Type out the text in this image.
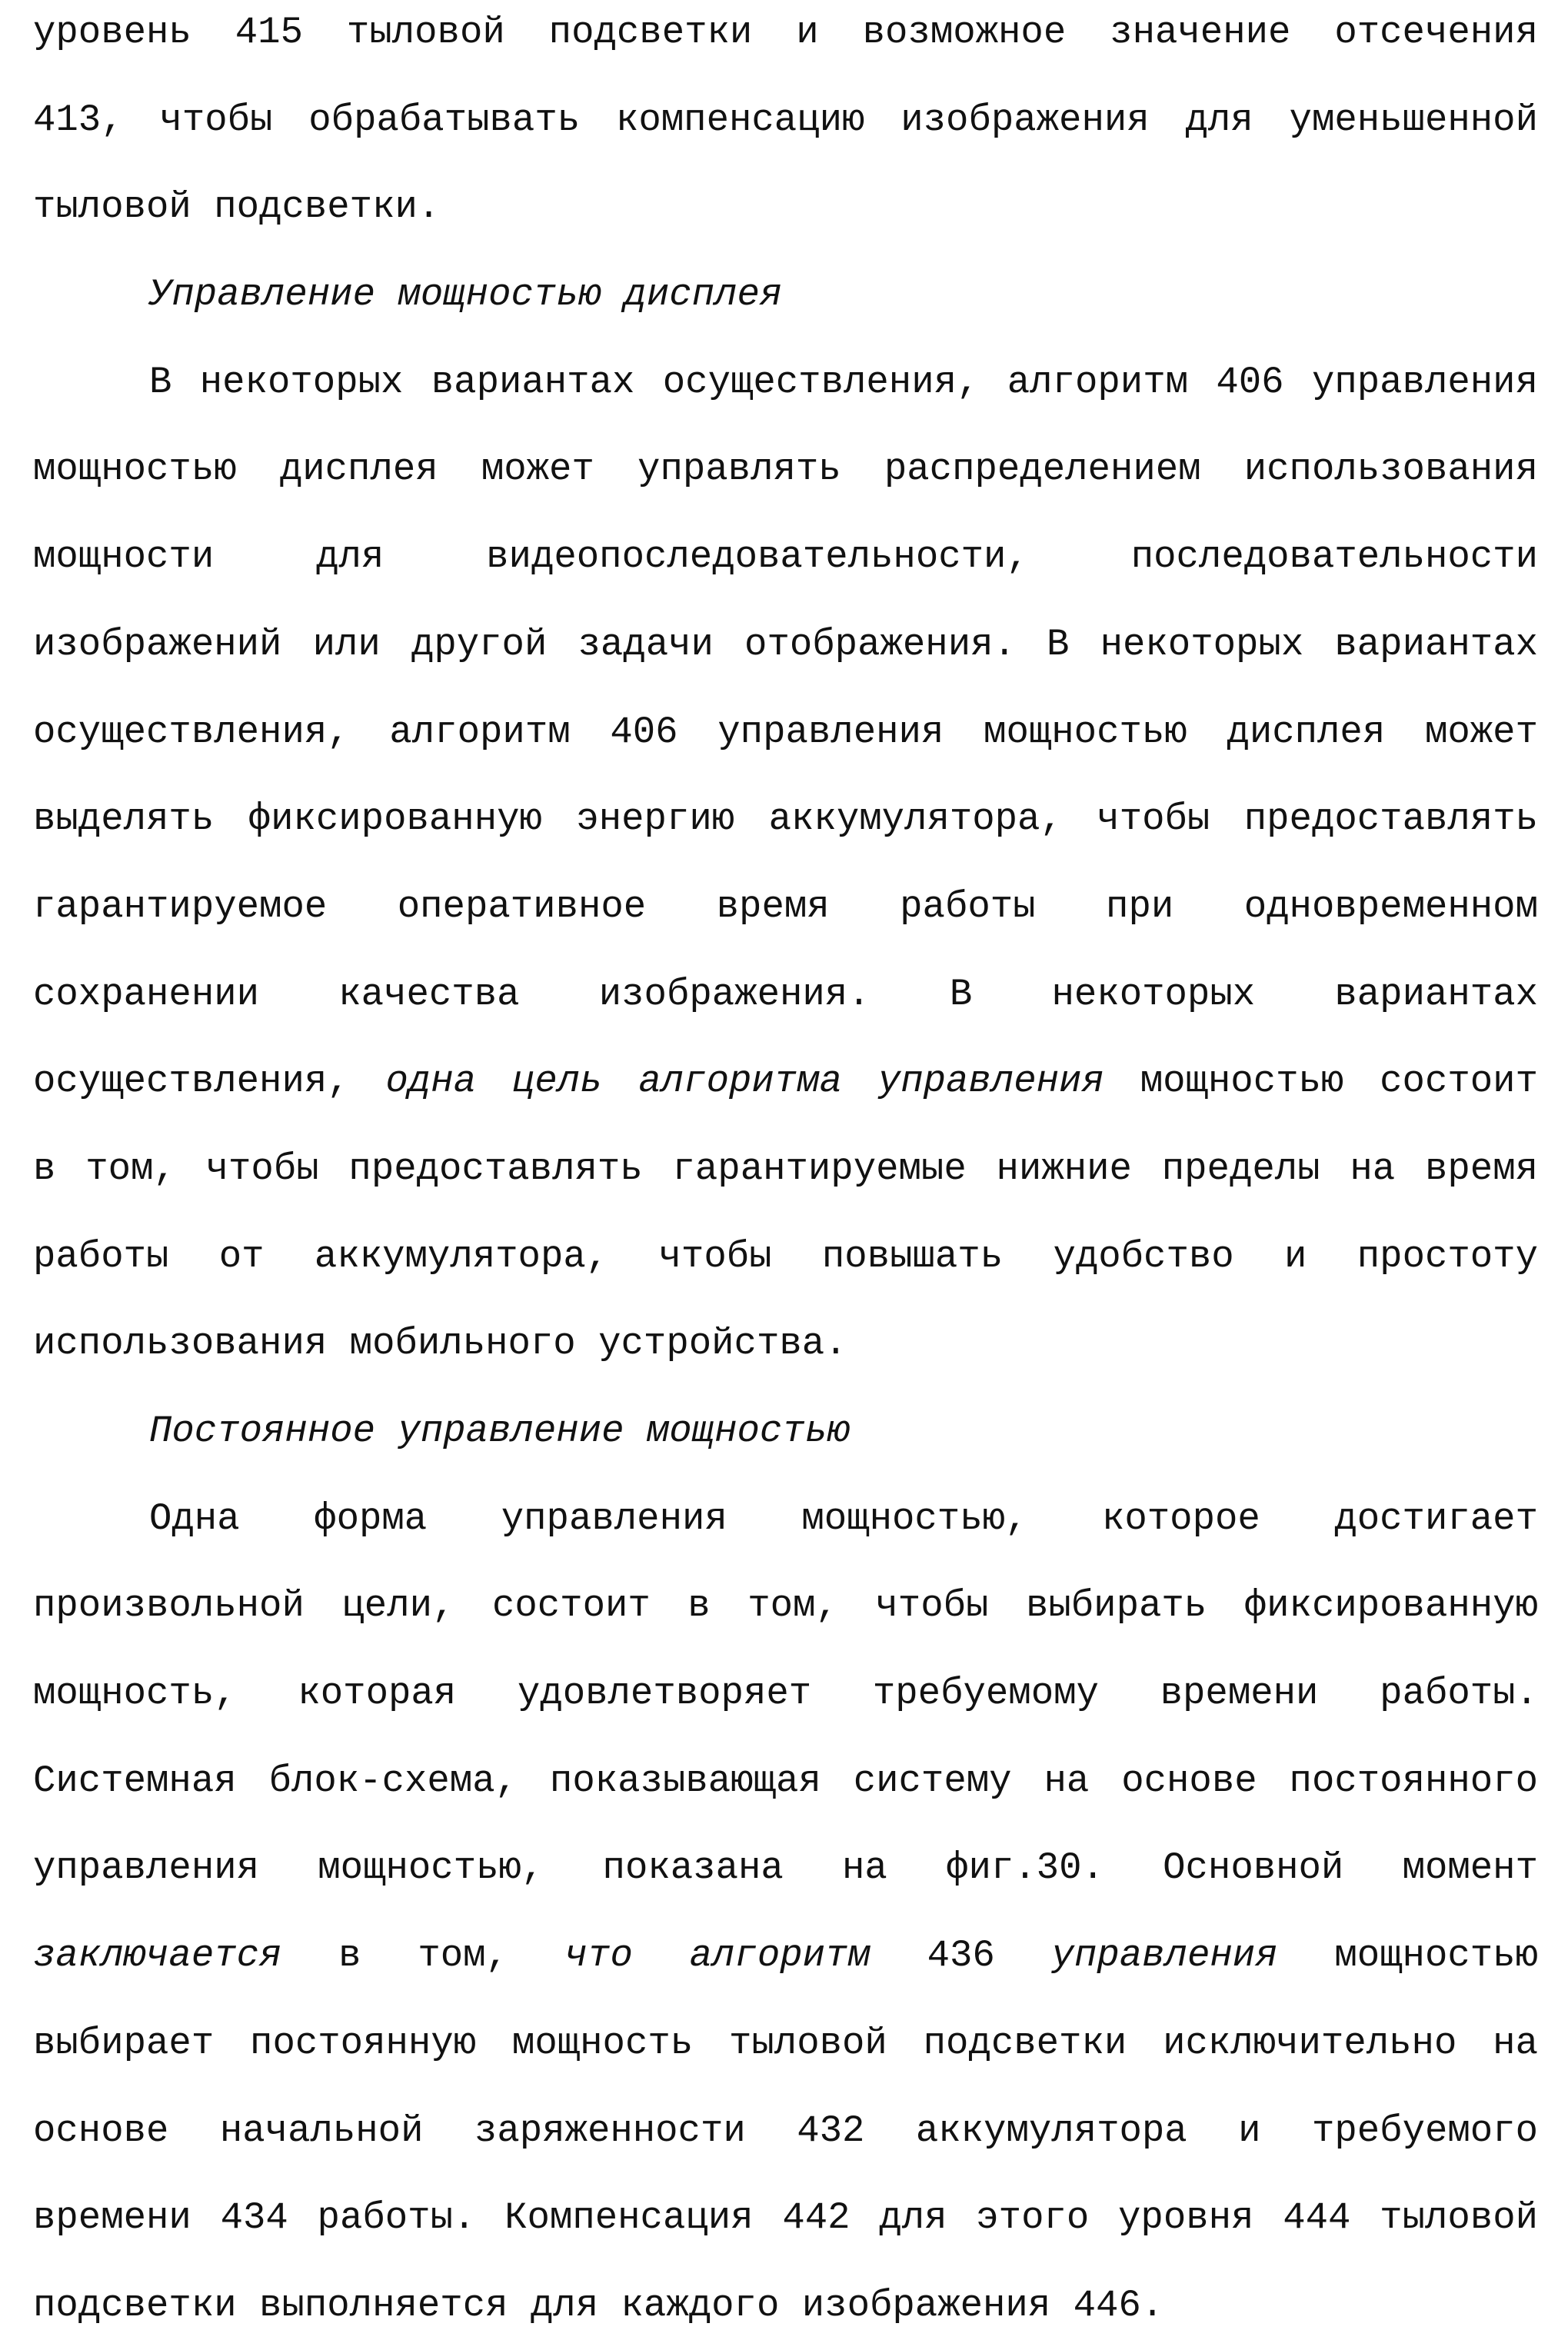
уровень 415 тыловой подсветки и возможное значение отсечения
413, чтобы обрабатывать компенсацию изображения для уменьшенной
тыловой подсветки.
Управление мощностью дисплея
В некоторых вариантах осуществления, алгоритм 406 управления
мощностью дисплея может управлять распределением использования
мощности для видеопоследовательности, последовательности
изображений или другой задачи отображения. В некоторых вариантах
осуществления, алгоритм 406 управления мощностью дисплея может
выделять фиксированную энергию аккумулятора, чтобы предоставлять
гарантируемое оперативное время работы при одновременном
сохранении качества изображения. В некоторых вариантах
осуществления, одна цель алгоритма управления мощностью состоит
в том, чтобы предоставлять гарантируемые нижние пределы на время
работы от аккумулятора, чтобы повышать удобство и простоту
использования мобильного устройства.
Постоянное управление мощностью
Одна форма управления мощностью, которое достигает
произвольной цели, состоит в том, чтобы выбирать фиксированную
мощность, которая удовлетворяет требуемому времени работы.
Системная блок-схема, показывающая систему на основе постоянного
управления мощностью, показана на фиг.30. Основной момент
заключается в том, что алгоритм 436 управления мощностью
выбирает постоянную мощность тыловой подсветки исключительно на
основе начальной заряженности 432 аккумулятора и требуемого
времени 434 работы. Компенсация 442 для этого уровня 444 тыловой
подсветки выполняется для каждого изображения 446.
